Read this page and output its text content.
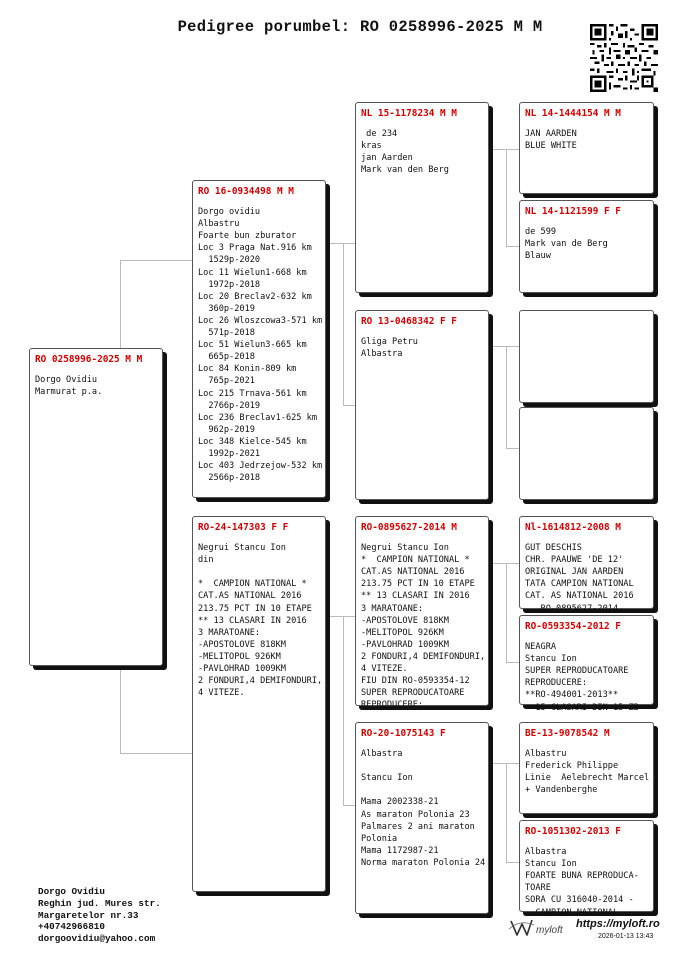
Pedigree porumbel: RO 0258996-2025 M M
RO 0258996-2025 M M
Dorgo Ovidiu
Marmurat p.a.
RO 16-0934498 M M
Dorgo ovidiu
Albastru
Foarte bun zburator
Loc 3 Praga Nat.916 km
1529p-2020
Loc 11 Wielun1-668 km
1972p-2018
Loc 20 Breclav2-632 km
360p-2019
Loc 26 Wloszcowa3-571 km
571p-2018
Loc 51 Wielun3-665 km
665p-2018
Loc 84 Konin-809 km
765p-2021
Loc 215 Trnava-561 km
2766p-2019
Loc 236 Breclav1-625 km
962p-2019
Loc 348 Kielce-545 km
1992p-2021
Loc 403 Jedrzejow-532 km
2566p-2018
RO-24-147303 F F
Negrui Stancu Ion
din
*  CAMPION NATIONAL *
CAT.AS NATIONAL 2016
213.75 PCT IN 10 ETAPE
** 13 CLASARI IN 2016
3 MARATOANE:
-APOSTOLOVE 818KM
-MELITOPOL 926KM
-PAVLOHRAD 1009KM
2 FONDURI,4 DEMIFONDURI,
4 VITEZE.
NL 15-1178234 M M
de 234
kras
jan Aarden
Mark van den Berg
RO 13-0468342 F F
Gliga Petru
Albastra
RO-0895627-2014 M
Negrui Stancu Ion
*  CAMPION NATIONAL *
CAT.AS NATIONAL 2016
213.75 PCT IN 10 ETAPE
** 13 CLASARI IN 2016
3 MARATOANE:
-APOSTOLOVE 818KM
-MELITOPOL 926KM
-PAVLOHRAD 1009KM
2 FONDURI,4 DEMIFONDURI,
4 VITEZE.
FIU DIN RO-0593354-12
SUPER REPRODUCATOARE
REPRODUCERE:
RO-20-1075143 F
Albastra
Stancu Ion
Mama 2002338-21
As maraton Polonia 23
Palmares 2 ani maraton
Polonia
Mama 1172987-21
Norma maraton Polonia 24
NL 14-1444154 M M
JAN AARDEN
BLUE WHITE
NL 14-1121599 F F
de 599
Mark van de Berg
Blauw
Nl-1614812-2008 M
GUT DESCHIS
CHR. PAAUWE 'DE 12'
ORIGINAL JAN AARDEN
TATA CAMPION NATIONAL
CAT. AS NATIONAL 2016
RO-0895627-2014
RO-0593354-2012 F
NEAGRA
Stancu Ion
SUPER REPRODUCATOARE
REPRODUCERE:
**RO-494001-2013**
15 CLASARI DIN 15 ZB
BE-13-9078542 M
Albastru
Frederick Philippe
Linie  Aelebrecht Marcel
+ Vandenberghe
RO-1051302-2013 F
Albastra
Stancu Ion
FOARTE BUNA REPRODUCA-
TOARE
SORA CU 316040-2014 -
CAMPION NATIONAL
Dorgo Ovidiu
Reghin jud. Mures str.
Margaretelor nr.33
+40742966810
dorgoovidiu@yahoo.com
myloft
https://myloft.ro
2026-01-13 13:43
